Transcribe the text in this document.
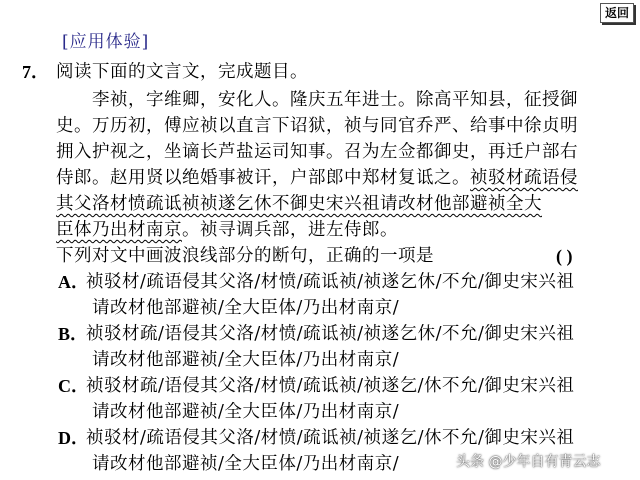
返回
[应用体验]
7． 阅读下面的文言文，完成题目。
李祯，字维卿，安化人。隆庆五年进士。除高平知县，征授御
史。万历初，傅应祯以直言下诏狱，祯与同官乔严、给事中徐贞明
拥入护视之，坐谪长芦盐运司知事。召为左佥都御史，再迁户部右
侍郎。赵用贤以绝婚事被讦，户部郎中郑材复诋之。祯驳材疏语侵
其父洛材愤疏诋祯祯遂乞休不御史宋兴祖请改材他部避祯全大
臣体乃出材南京。祯寻调兵部，进左侍郎。
下列对文中画波浪线部分的断句，正确的一项是	( )
A．
祯驳材/疏语侵其父洛/材愤/疏诋祯/祯遂乞休/不允/御史宋兴祖
请改材他部避祯/全大臣体/乃出材南京/
B．
祯驳材疏/语侵其父洛/材愤/疏诋祯/祯遂乞休/不允/御史宋兴祖
请改材他部避祯/全大臣体/乃出材南京/
C．
祯驳材疏/语侵其父洛/材愤/疏诋祯/祯遂乞/休不允/御史宋兴祖
请改材他部避祯/全大臣体/乃出材南京/
D．
祯驳材/疏语侵其父洛/材愤/疏诋祯/祯遂乞/休不允/御史宋兴祖
请改材他部避祯/全大臣体/乃出材南京/	头条 @少年自有青云志
